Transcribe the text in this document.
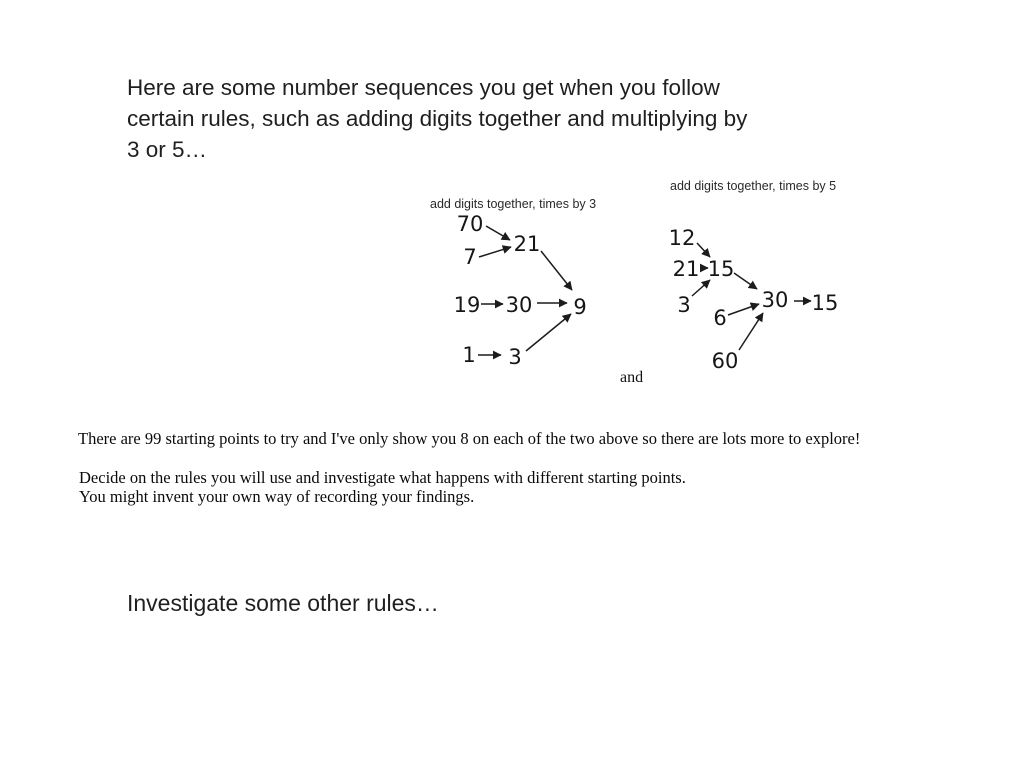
Here are some number sequences you get when you follow
certain rules, such as adding digits together and multiplying by
3 or 5…
add digits together, times by 3
add digits together, times by 5
70
21
7
19 30 9
1 3
12
21 15
3
6
30
60
15
and
There are 99 starting points to try and I've only show you 8 on each of the two above so there are lots more to explore!
Decide on the rules you will use and investigate what happens with different starting points.
You might invent your own way of recording your findings.
Investigate some other rules…
